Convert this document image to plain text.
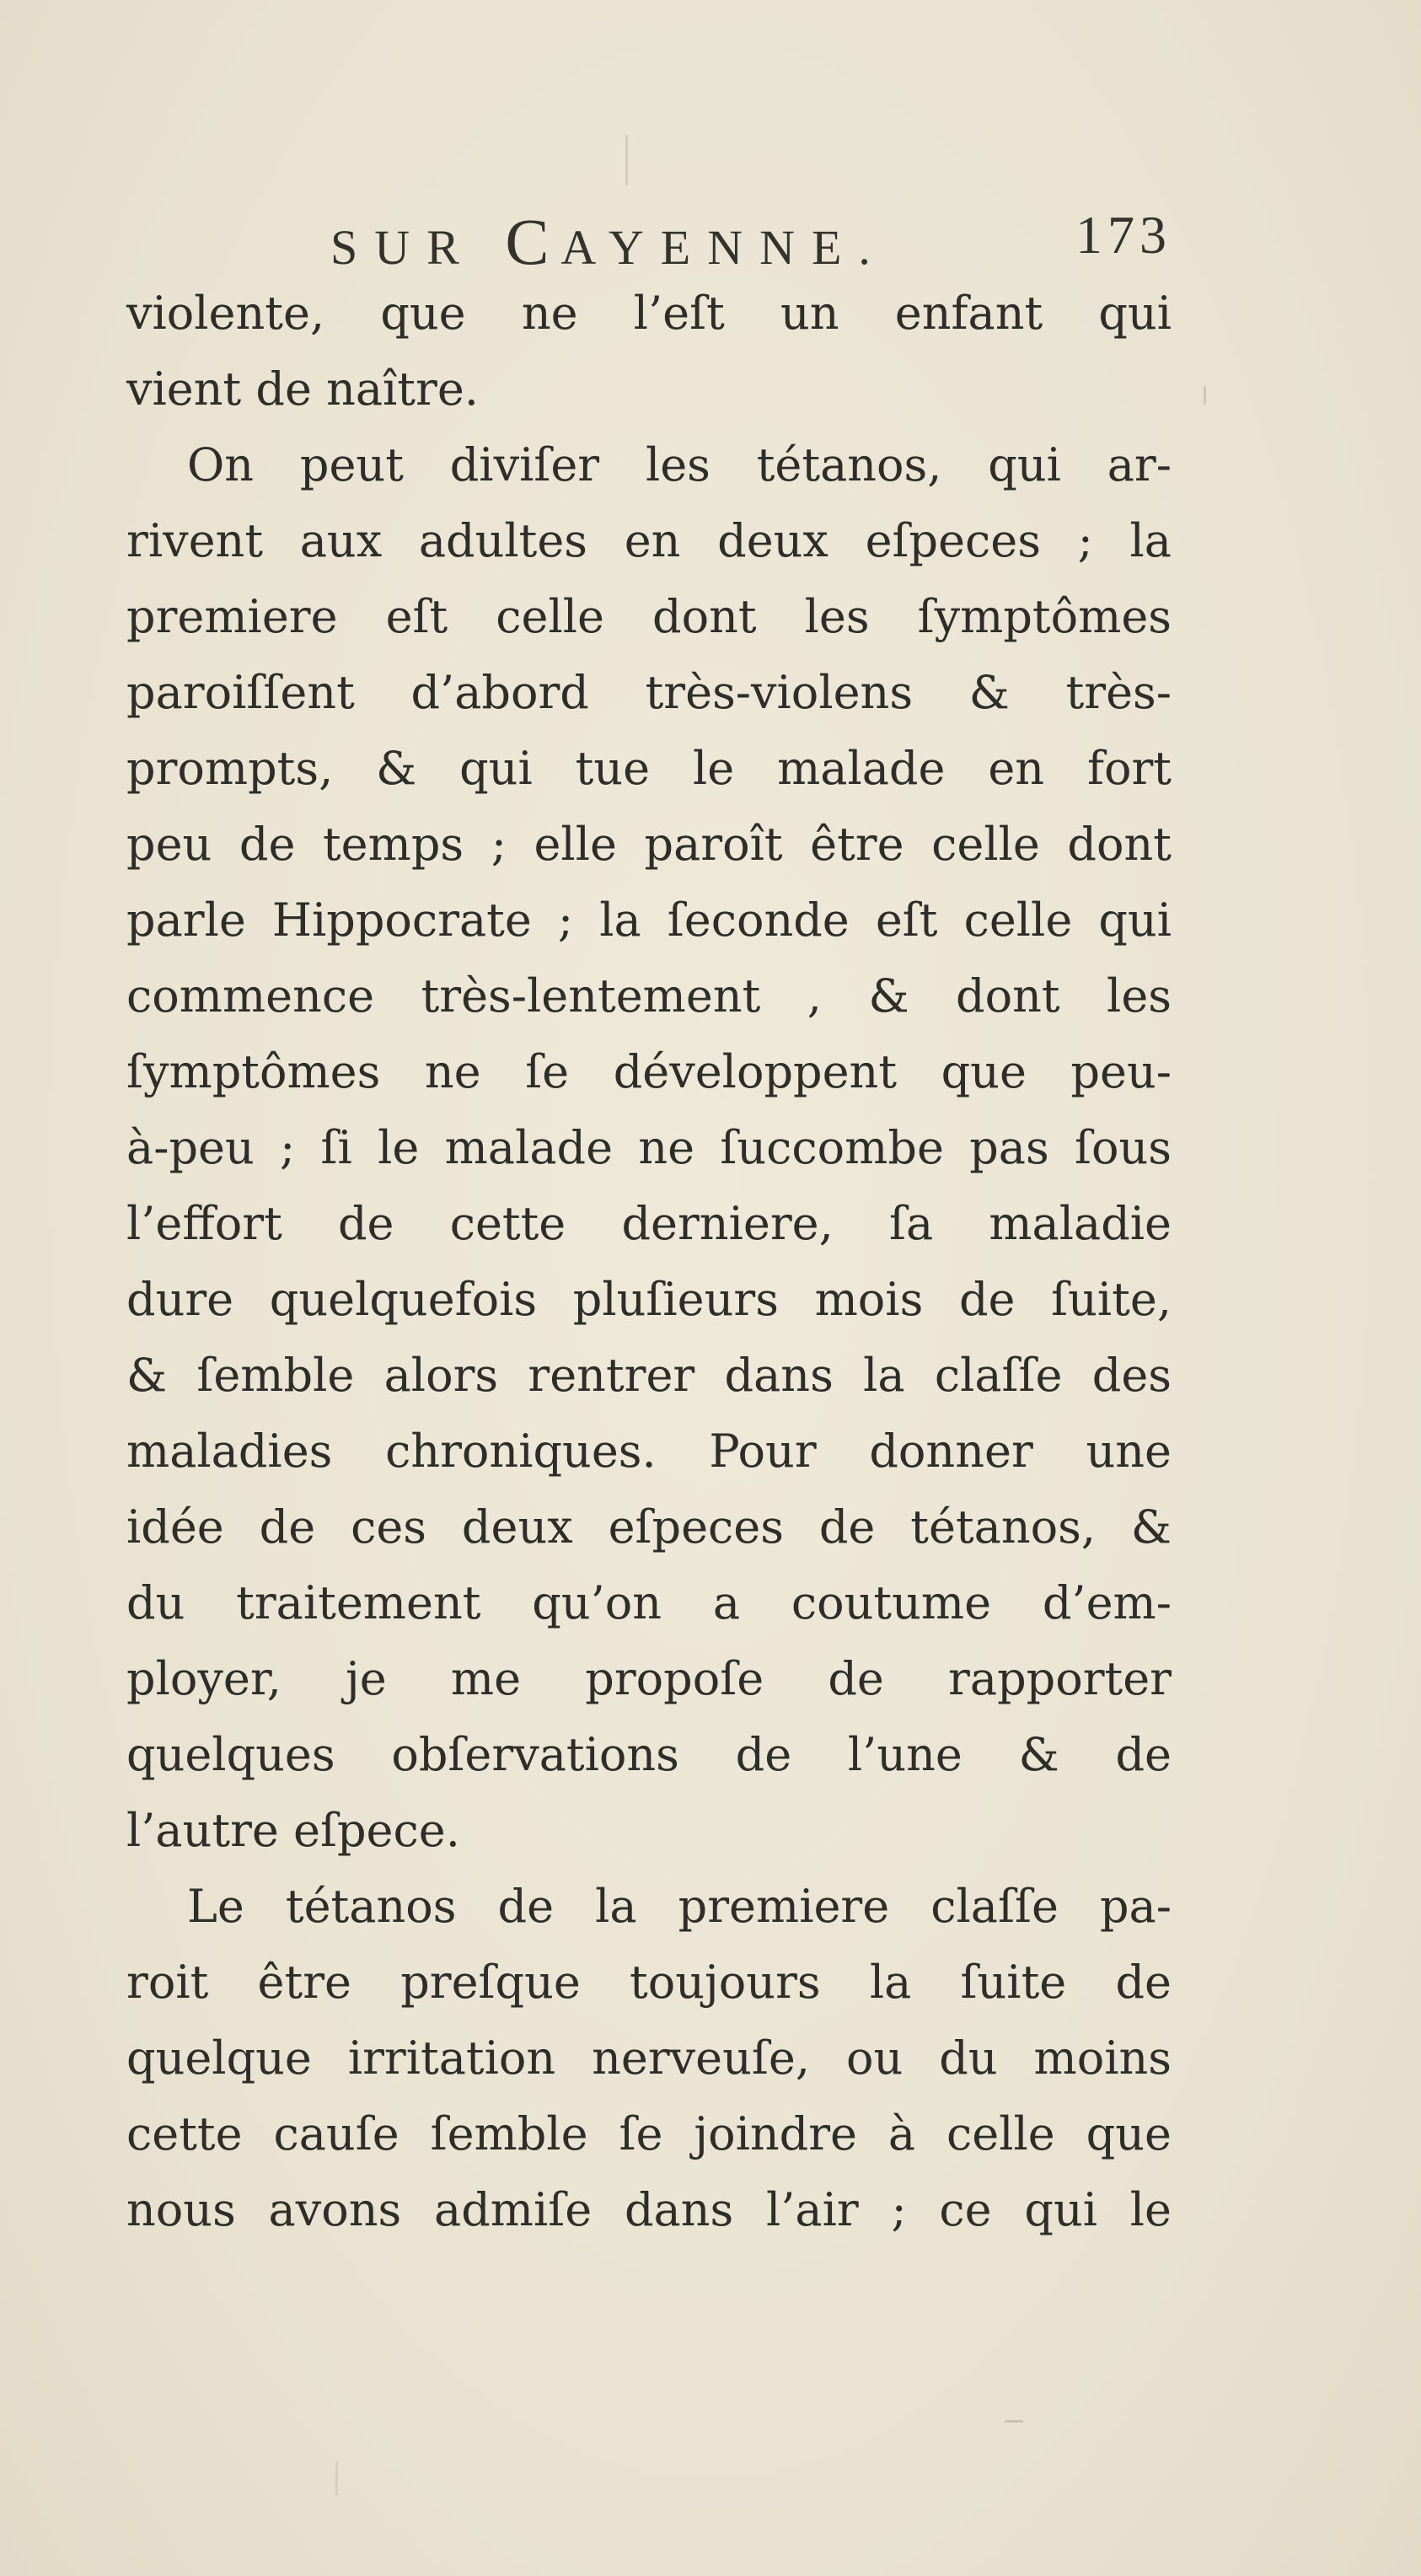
SUR CAYENNE.	173
violente, que ne l’eſt un enfant qui
vient de naître.
On peut diviſer les tétanos, qui ar-
rivent aux adultes en deux eſpeces ; la
premiere eſt celle dont les ſymptômes
paroiſſent d’abord très-violens & très-
prompts, & qui tue le malade en fort
peu de temps ; elle paroît être celle dont
parle Hippocrate ; la ſeconde eſt celle qui
commence très-lentement , & dont les
ſymptômes ne ſe développent que peu-
à-peu ; ſi le malade ne ſuccombe pas ſous
l’effort de cette derniere, ſa maladie
dure quelquefois pluſieurs mois de ſuite,
& ſemble alors rentrer dans la claſſe des
maladies chroniques. Pour donner une
idée de ces deux eſpeces de tétanos, &
du traitement qu’on a coutume d’em-
ployer, je me propoſe de rapporter
quelques obſervations de l’une & de
l’autre eſpece.
Le tétanos de la premiere claſſe pa-
roit être preſque toujours la ſuite de
quelque irritation nerveuſe, ou du moins
cette cauſe ſemble ſe joindre à celle que
nous avons admiſe dans l’air ; ce qui le
